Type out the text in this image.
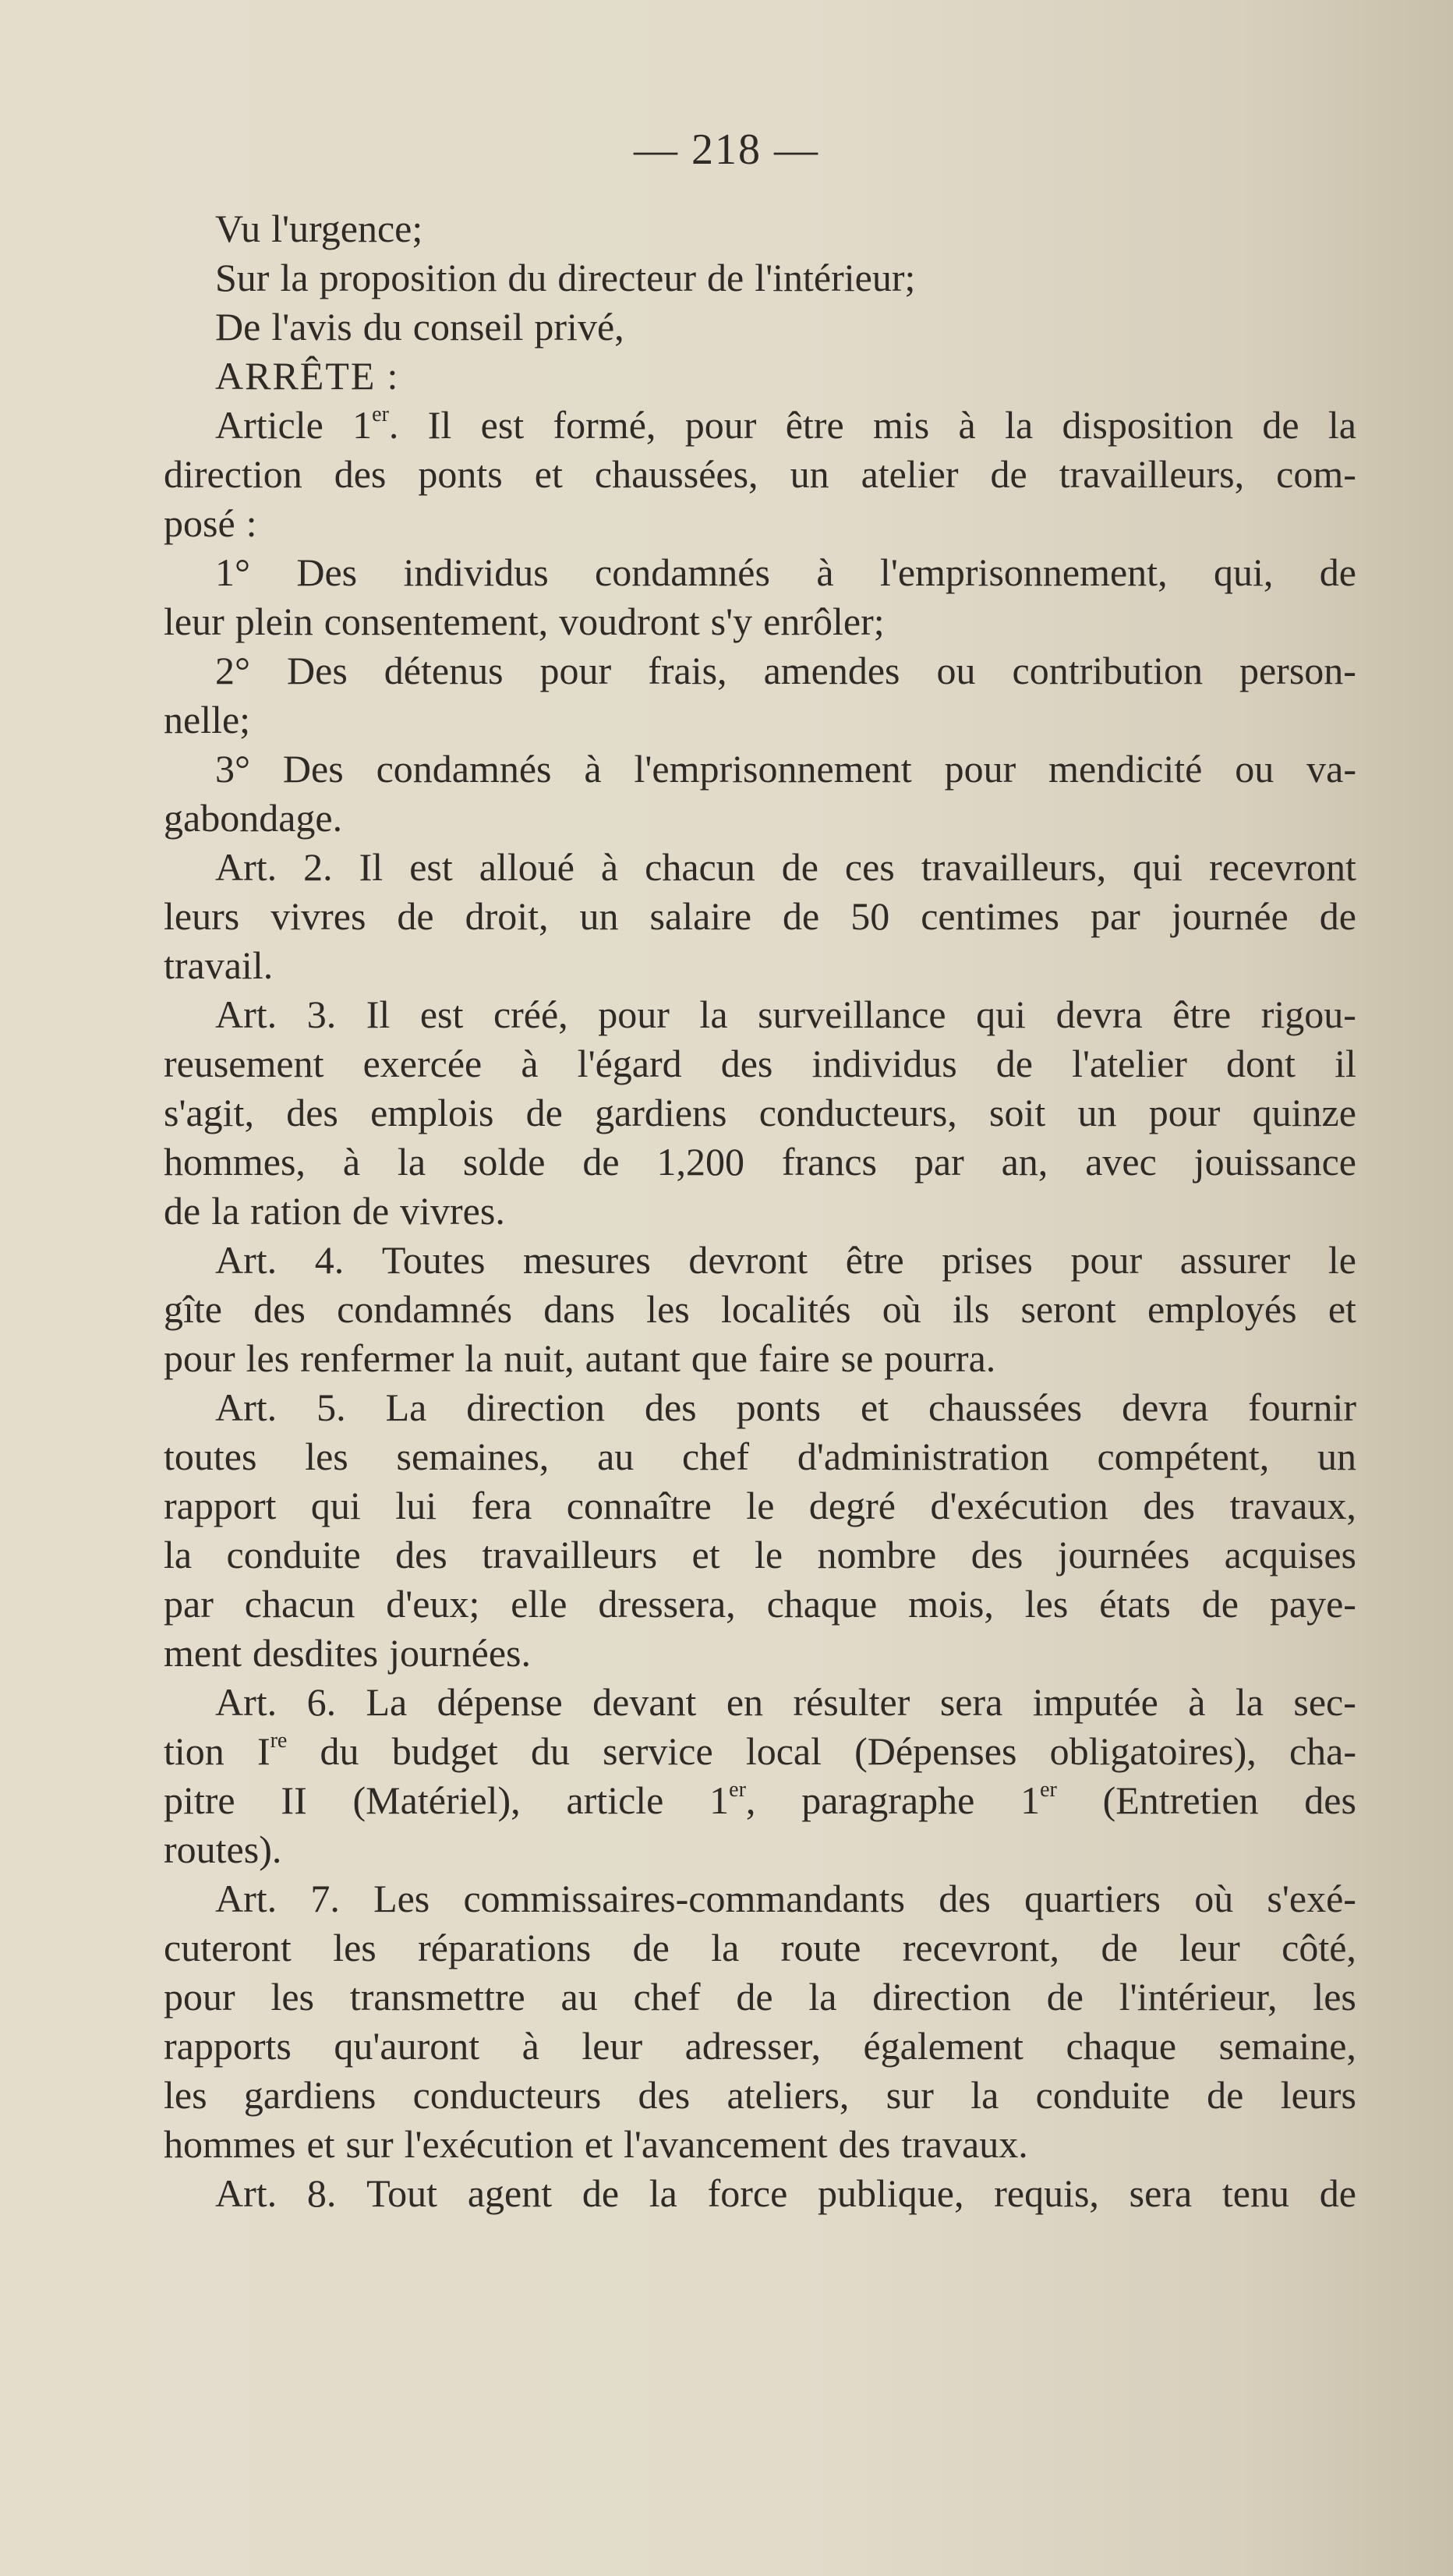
— 218 —
Vu l'urgence;
Sur la proposition du directeur de l'intérieur;
De l'avis du conseil privé,
ARRÊTE :
Article 1er. Il est formé, pour être mis à la disposition de la
direction des ponts et chaussées, un atelier de travailleurs, com-
posé :
1° Des individus condamnés à l'emprisonnement, qui, de
leur plein consentement, voudront s'y enrôler;
2° Des détenus pour frais, amendes ou contribution person-
nelle;
3° Des condamnés à l'emprisonnement pour mendicité ou va-
gabondage.
Art. 2. Il est alloué à chacun de ces travailleurs, qui recevront
leurs vivres de droit, un salaire de 50 centimes par journée de
travail.
Art. 3. Il est créé, pour la surveillance qui devra être rigou-
reusement exercée à l'égard des individus de l'atelier dont il
s'agit, des emplois de gardiens conducteurs, soit un pour quinze
hommes, à la solde de 1,200 francs par an, avec jouissance
de la ration de vivres.
Art. 4. Toutes mesures devront être prises pour assurer le
gîte des condamnés dans les localités où ils seront employés et
pour les renfermer la nuit, autant que faire se pourra.
Art. 5. La direction des ponts et chaussées devra fournir
toutes les semaines, au chef d'administration compétent, un
rapport qui lui fera connaître le degré d'exécution des travaux,
la conduite des travailleurs et le nombre des journées acquises
par chacun d'eux; elle dressera, chaque mois, les états de paye-
ment desdites journées.
Art. 6. La dépense devant en résulter sera imputée à la sec-
tion Ire du budget du service local (Dépenses obligatoires), cha-
pitre II (Matériel), article 1er, paragraphe 1er (Entretien des
routes).
Art. 7. Les commissaires-commandants des quartiers où s'exé-
cuteront les réparations de la route recevront, de leur côté,
pour les transmettre au chef de la direction de l'intérieur, les
rapports qu'auront à leur adresser, également chaque semaine,
les gardiens conducteurs des ateliers, sur la conduite de leurs
hommes et sur l'exécution et l'avancement des travaux.
Art. 8. Tout agent de la force publique, requis, sera tenu de
